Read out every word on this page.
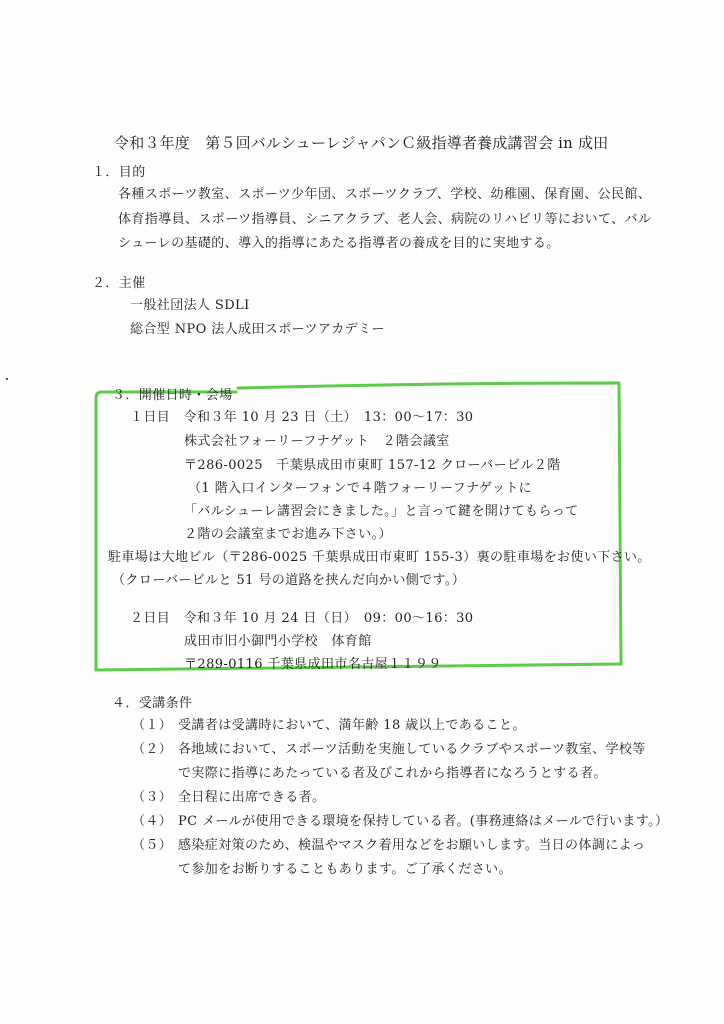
令和３年度　第５回バルシューレジャパンＣ級指導者養成講習会 in 成田
１．目的
各種スポーツ教室、スポーツ少年団、スポーツクラブ、学校、幼稚園、保育園、公民館、
体育指導員、スポーツ指導員、シニアクラブ、老人会、病院のリハビリ等において、バル
シューレの基礎的、導入的指導にあたる指導者の養成を目的に実地する。
２．主催
一般社団法人 SDLI
総合型 NPO 法人成田スポーツアカデミー
３．開催日時・会場
１日目　令和３年 10 月 23 日（土）　13：00～17：30
株式会社フォーリーフナゲット　２階会議室
〒286-0025　千葉県成田市東町 157-12 クローバービル２階
（1 階入口インターフォンで４階フォーリーフナゲットに
「バルシューレ講習会にきました。」と言って鍵を開けてもらって
２階の会議室までお進み下さい。）
駐車場は大地ビル（〒286-0025 千葉県成田市東町 155-3）裏の駐車場をお使い下さい。
（クローバービルと 51 号の道路を挟んだ向かい側です。）
２日目　令和３年 10 月 24 日（日）　09：00～16：30
成田市旧小御門小学校　体育館
〒289-0116 千葉県成田市名古屋１１９９
４．受講条件
（１） 受講者は受講時において、満年齢 18 歳以上であること。
（２） 各地域において、スポーツ活動を実施しているクラブやスポーツ教室、学校等
で実際に指導にあたっている者及びこれから指導者になろうとする者。
（３） 全日程に出席できる者。
（４） PC メールが使用できる環境を保持している者。(事務連絡はメールで行います。）
（５） 感染症対策のため、検温やマスク着用などをお願いします。当日の体調によっ
て参加をお断りすることもあります。ご了承ください。
